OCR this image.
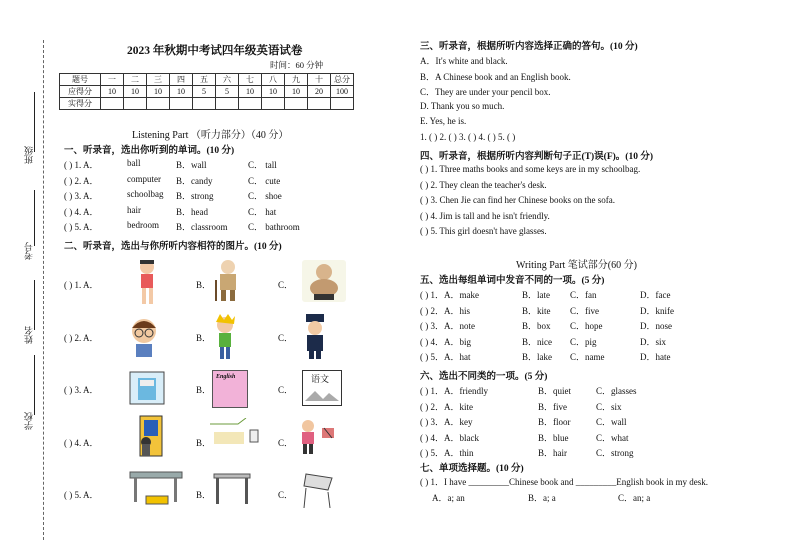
班级
考号
姓名
学校
2023 年秋期中考试四年级英语试卷
时间：60 分钟
题号	一	二	三	四	五	六	七	八	九	十	总分
应得分	10	10	10	10	5	5	10	10	10	20	100
实得分											
Listening Part （听力部分）（40 分）
一、听录音，选出你听到的单词。(10 分)
( ) 1. A．	ball	B．wall	C． tall
( ) 2. A．	computer B．candy	C． cute
( ) 3. A．	schoolbag B．strong	C． shoe
( ) 4. A．	hair	B．head	C． hat
( ) 5. A．	bedroom B．classroom C． bathroom
二、听录音，选出与你所听内容相符的图片。(10 分)
( ) 1. A．	B．	C．
( ) 2. A．	B．	C．
( ) 3. A．	B．	C．
( ) 4. A．	B．	C．
( ) 5. A．	B．	C．
English	语文
三、听录音，根据所听内容选择正确的答句。(10 分)
A．It's white and black.
B．A Chinese book and an English book.
C．They are under your pencil box.
D. Thank you so much.
E. Yes, he is.
1. ( ) 2. ( ) 3. ( ) 4. ( ) 5. ( )
四、听录音，根据所听内容判断句子正(T)误(F)。(10 分)
( ) 1. Three maths books and some keys are in my schoolbag.
( ) 2. They clean the teacher's desk.
( ) 3. Chen Jie can find her Chinese books on the sofa.
( ) 4. Jim is tall and he isn't friendly.
( ) 5. This girl doesn't have glasses.
Writing Part 笔试部分(60 分)
五、选出每组单词中发音不同的一项。(5 分)
( ) 1．A．make	B．late C．fan	D．face
( ) 2．A．his	B．kite C．five	D．knife
( ) 3．A．note	B．box C．hope	D．nose
( ) 4．A．big	B．nice C．pig	D．six
( ) 5．A．hat	B．lake C．name	D．hate
六、选出不同类的一项。(5 分)
( ) 1．A．friendly	B．quiet	C．glasses
( ) 2．A．kite	B．five	C．six
( ) 3．A．key	B．floor	C．wall
( ) 4．A．black	B．blue	C．what
( ) 5．A．thin	B．hair	C．strong
七、单项选择题。(10 分)
( ) 1．I have _________Chinese book and _________English book in my desk.
A．a; an	B．a; a	C．an; a
